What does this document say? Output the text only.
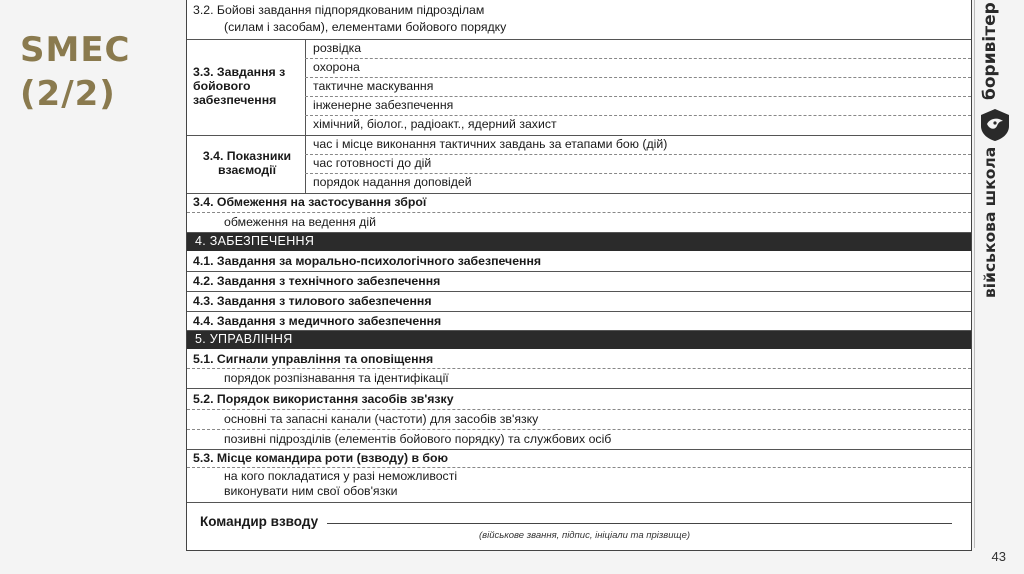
SMEC
(2/2)
3.2. Бойові завдання підпорядкованим підрозділам
(силам і засобам), елементами бойового порядку
3.3. Завдання з бойового забезпечення
розвідка
охорона
тактичне маскування
інженерне забезпечення
хімічний, біолог., радіоакт., ядерний захист
3.4. Показники взаємодії
час і місце виконання тактичних завдань за етапами бою (дій)
час готовності до дій
порядок надання доповідей
3.4. Обмеження на застосування зброї
обмеження на ведення дій
4. ЗАБЕЗПЕЧЕННЯ
4.1. Завдання за морально-психологічного забезпечення
4.2. Завдання з технічного забезпечення
4.3. Завдання з тилового забезпечення
4.4. Завдання з медичного забезпечення
5. УПРАВЛІННЯ
5.1. Сигнали управління та оповіщення
порядок розпізнавання та ідентифікації
5.2. Порядок використання засобів зв'язку
основні та запасні канали (частоти) для засобів зв'язку
позивні підрозділів (елементів бойового порядку) та службових осіб
5.3. Місце командира роти (взводу) в бою
на кого покладатися у разі неможливості
виконувати ним свої обов'язки
Командир взводу
(військове звання, підпис, ініціали та прізвище)
боривітер
військова школа
43
